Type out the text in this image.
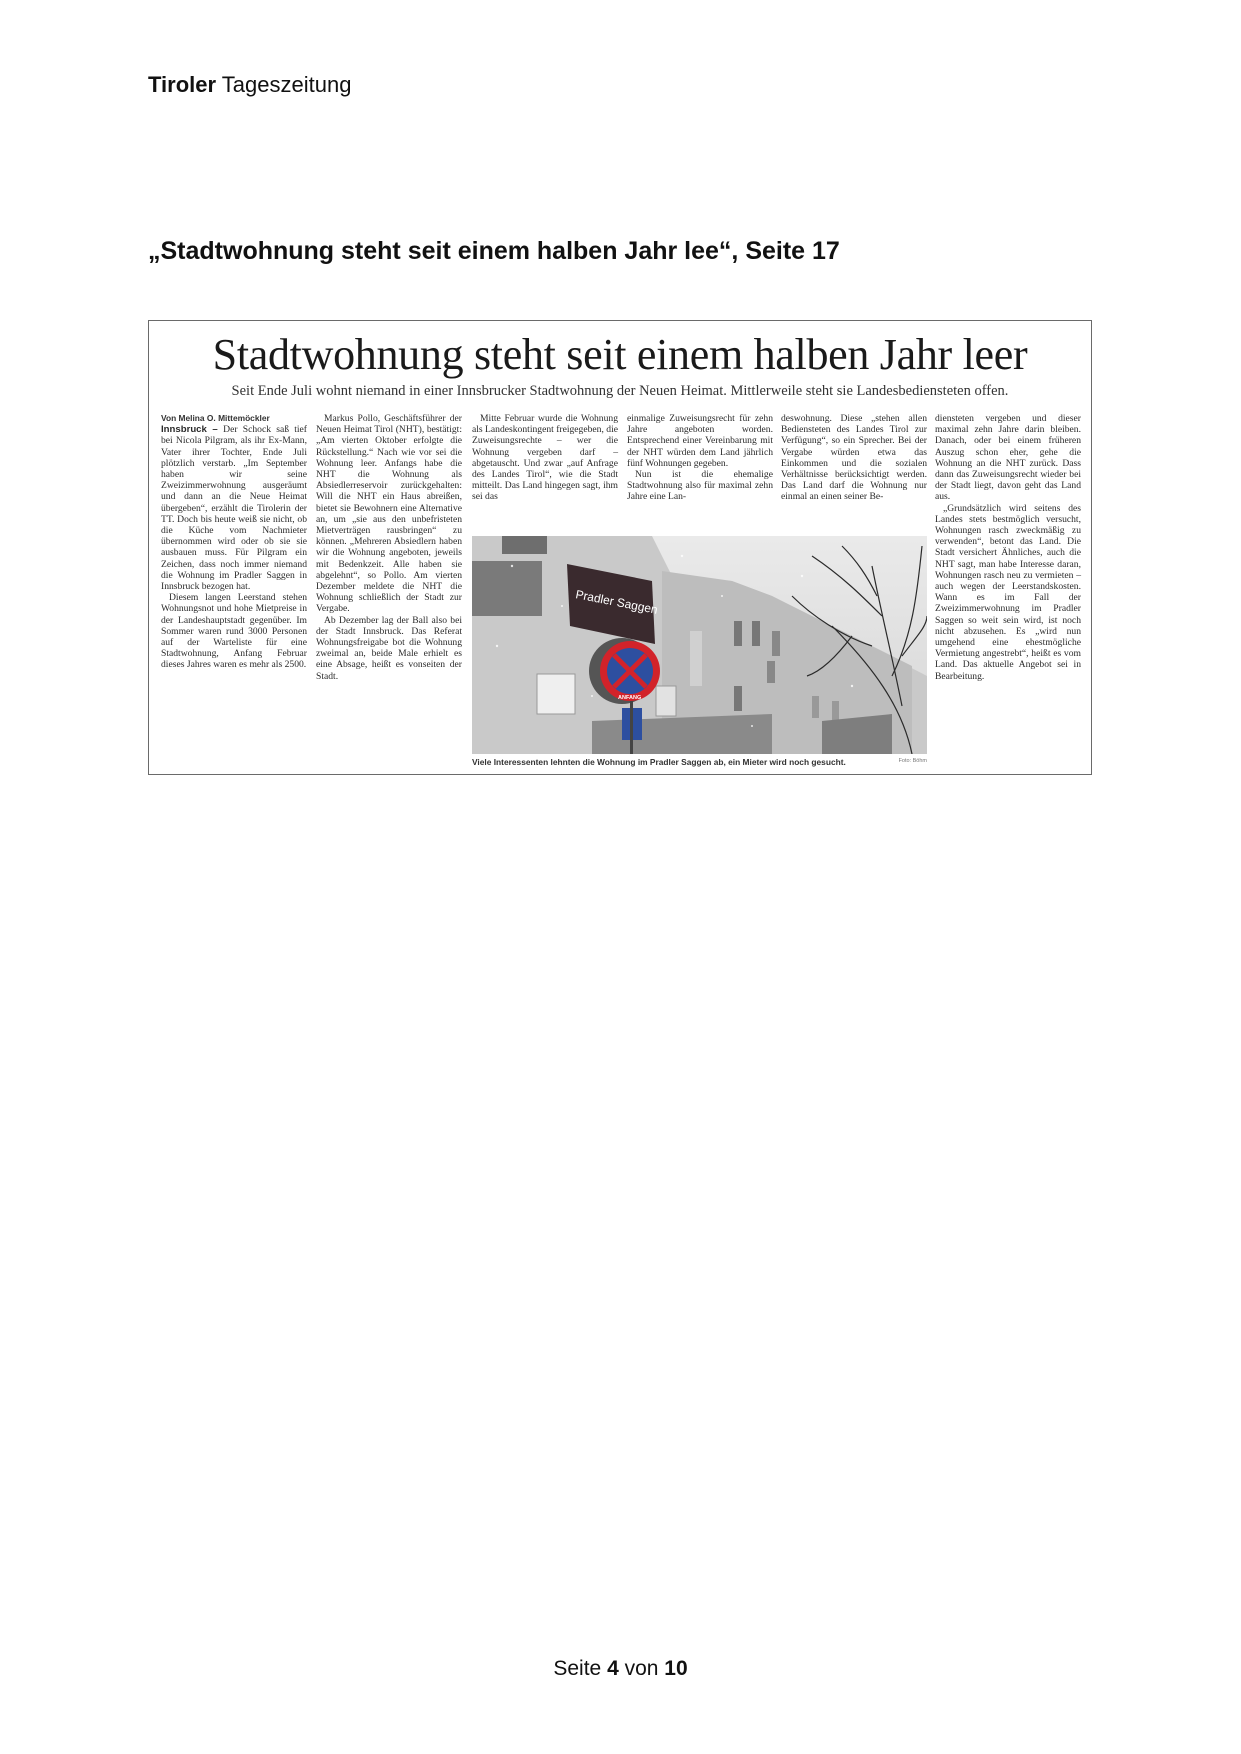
Tiroler Tageszeitung
„Stadtwohnung steht seit einem halben Jahr lee“, Seite 17
Stadtwohnung steht seit einem halben Jahr leer
Seit Ende Juli wohnt niemand in einer Innsbrucker Stadtwohnung der Neuen Heimat. Mittlerweile steht sie Landesbediensteten offen.

Von Melina O. Mittemöckler

Innsbruck – Der Schock saß tief bei Nicola Pilgram, als ihr Ex-Mann, Vater ihrer Tochter, Ende Juli plötzlich verstarb. „Im September haben wir seine Zweizimmerwohnung ausgeräumt und dann an die Neue Heimat übergeben“, erzählt die Tirolerin der TT. Doch bis heute weiß sie nicht, ob die Küche vom Nachmieter übernommen wird oder ob sie sie ausbauen muss. Für Pilgram ein Zeichen, dass noch immer niemand die Wohnung im Pradler Saggen in Innsbruck bezogen hat.

Diesem langen Leerstand stehen Wohnungsnot und hohe Mietpreise in der Landeshauptstadt gegenüber. Im Sommer waren rund 3000 Personen auf der Warteliste für eine Stadtwohnung, Anfang Februar dieses Jahres waren es mehr als 2500.

Markus Pollo, Geschäftsführer der Neuen Heimat Tirol (NHT), bestätigt: „Am vierten Oktober erfolgte die Rückstellung.“ Nach wie vor sei die Wohnung leer. Anfangs habe die NHT die Wohnung als Absiedlerreservoir zurückgehalten: Will die NHT ein Haus abreißen, bietet sie Bewohnern eine Alternative an, um „sie aus den unbefristeten Mietverträgen rausbringen“ zu können. „Mehreren Absiedlern haben wir die Wohnung angeboten, jeweils mit Bedenkzeit. Alle haben sie abgelehnt“, so Pollo. Am vierten Dezember meldete die NHT die Wohnung schließlich der Stadt zur Vergabe.

Ab Dezember lag der Ball also bei der Stadt Innsbruck. Das Referat Wohnungsfreigabe bot die Wohnung zweimal an, beide Male erhielt es eine Absage, heißt es vonseiten der Stadt.

Mitte Februar wurde die Wohnung als Landeskontingent freigegeben, die Zuweisungsrechte – wer die Wohnung vergeben darf – abgetauscht. Und zwar „auf Anfrage des Landes Tirol“, wie die Stadt mitteilt. Das Land hingegen sagt, ihm sei das

einmalige Zuweisungsrecht für zehn Jahre angeboten worden. Entsprechend einer Vereinbarung mit der NHT würden dem Land jährlich fünf Wohnungen gegeben.

Nun ist die ehemalige Stadtwohnung also für maximal zehn Jahre eine Lan-

deswohnung. Diese „stehen allen Bediensteten des Landes Tirol zur Verfügung“, so ein Sprecher. Bei der Vergabe würden etwa das Einkommen und die sozialen Verhältnisse berücksichtigt werden. Das Land darf die Wohnung nur einmal an einen seiner Be-

diensteten vergeben und dieser maximal zehn Jahre darin bleiben. Danach, oder bei einem früheren Auszug schon eher, gehe die Wohnung an die NHT zurück. Dass dann das Zuweisungsrecht wieder bei der Stadt liegt, davon geht das Land aus.

„Grundsätzlich wird seitens des Landes stets bestmöglich versucht, Wohnungen rasch zweckmäßig zu verwenden“, betont das Land. Die Stadt versichert Ähnliches, auch die NHT sagt, man habe Interesse daran, Wohnungen rasch neu zu vermieten – auch wegen der Leerstandskosten. Wann es im Fall der Zweizimmerwohnung im Pradler Saggen so weit sein wird, ist noch nicht abzusehen. Es „wird nun umgehend eine ehestmögliche Vermietung angestrebt“, heißt es vom Land. Das aktuelle Angebot sei in Bearbeitung.

Pradler Saggen
ANFANG
Viele Interessenten lehnten die Wohnung im Pradler Saggen ab, ein Mieter wird noch gesucht.	Foto: Böhm
Seite 4 von 10
